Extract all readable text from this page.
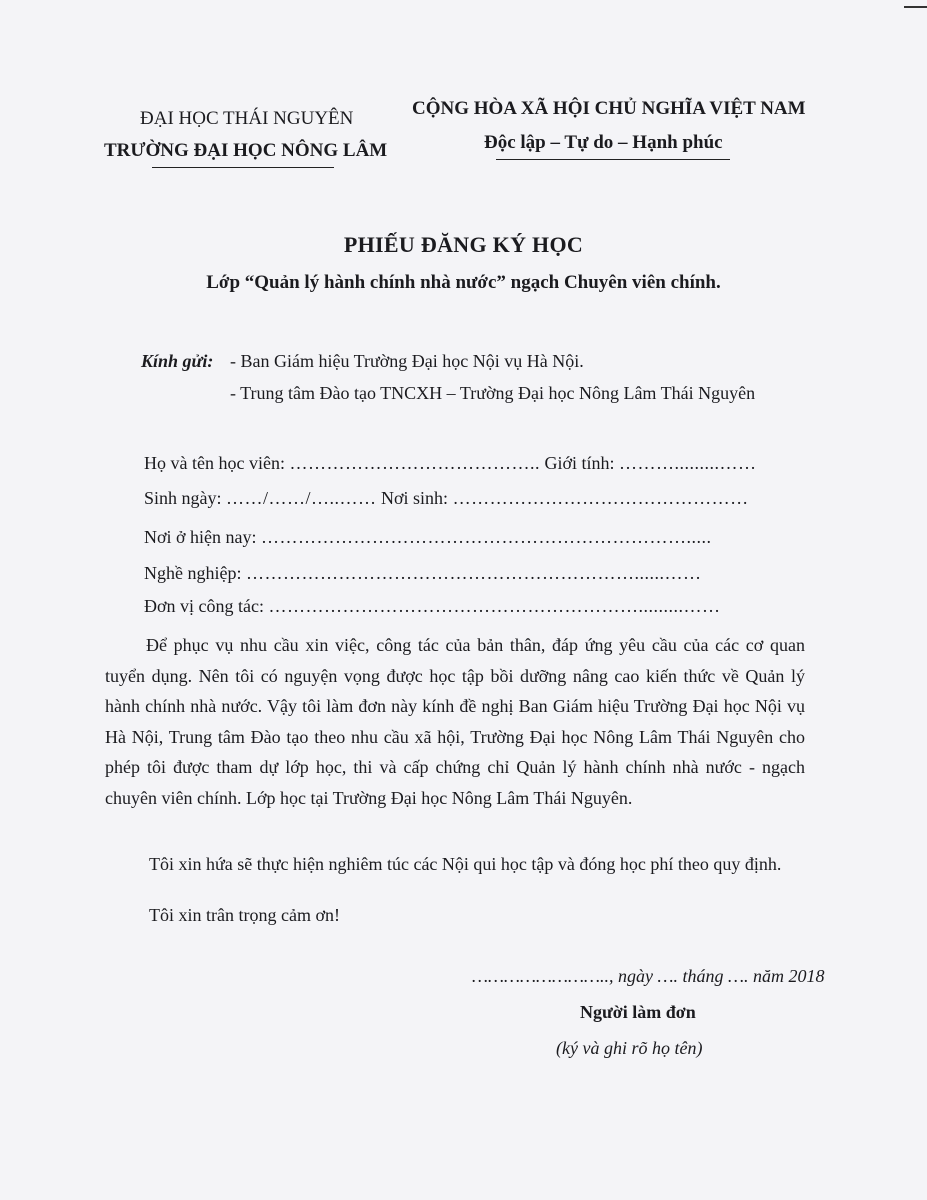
ĐẠI HỌC THÁI NGUYÊN
TRƯỜNG ĐẠI HỌC NÔNG LÂM
CỘNG HÒA XÃ HỘI CHỦ NGHĨA VIỆT NAM
Độc lập – Tự do – Hạnh phúc
PHIẾU ĐĂNG KÝ HỌC
Lớp “Quản lý hành chính nhà nước” ngạch Chuyên viên chính.
Kính gửi: - Ban Giám hiệu Trường Đại học Nội vụ Hà Nội.
- Trung tâm Đào tạo TNCXH – Trường Đại học Nông Lâm Thái Nguyên
Họ và tên học viên: ………………………………….. Giới tính: ……….........……
Sinh ngày: ……/……/…..…… Nơi sinh: …………………………………………
Nơi ở hiện nay: …………………………………………………………….....
Nghề nghiệp: ………………………………………………………......……
Đơn vị công tác: …………………………………………………….........……
Để phục vụ nhu cầu xin việc, công tác của bản thân, đáp ứng yêu cầu của các cơ quan tuyển dụng. Nên tôi có nguyện vọng được học tập bồi dưỡng nâng cao kiến thức về Quản lý hành chính nhà nước. Vậy tôi làm đơn này kính đề nghị Ban Giám hiệu Trường Đại học Nội vụ Hà Nội, Trung tâm Đào tạo theo nhu cầu xã hội, Trường Đại học Nông Lâm Thái Nguyên cho phép tôi được tham dự lớp học, thi và cấp chứng chỉ Quản lý hành chính nhà nước - ngạch chuyên viên chính. Lớp học tại Trường Đại học Nông Lâm Thái Nguyên.
Tôi xin hứa sẽ thực hiện nghiêm túc các Nội qui học tập và đóng học phí theo quy định.
Tôi xin trân trọng cảm ơn!
…………………….., ngày …. tháng …. năm 2018
Người làm đơn
(ký và ghi rõ họ tên)
